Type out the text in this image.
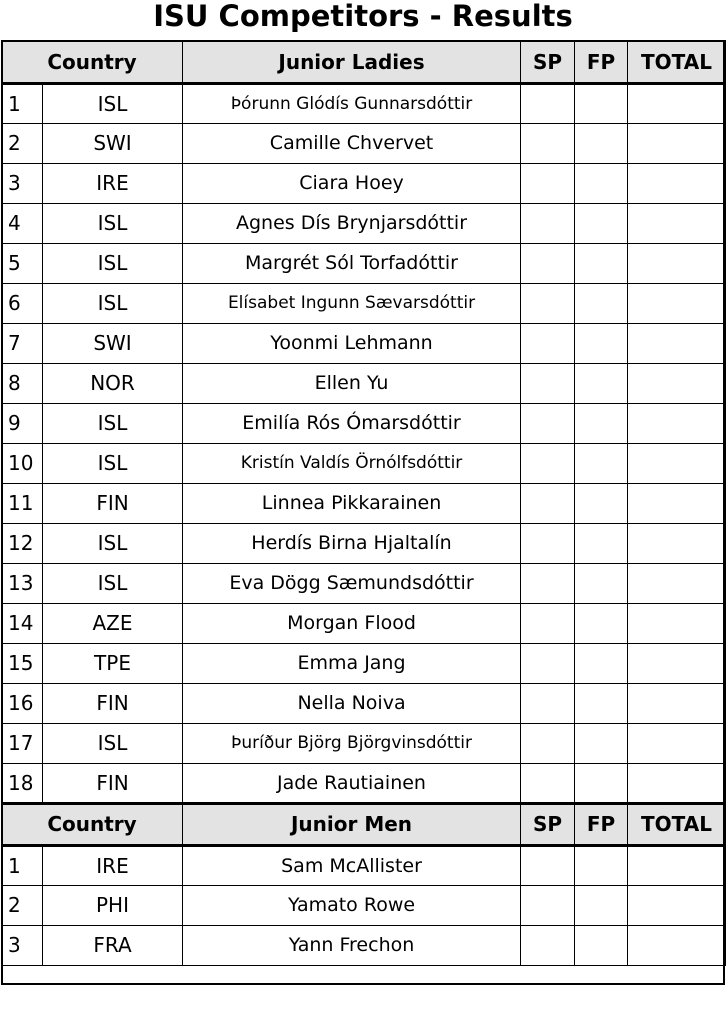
ISU Competitors - Results
Country		Junior Ladies	SP	FP	TOTAL
1	ISL	Þórunn Glódís Gunnarsdóttir			
2	SWI	Camille Chvervet			
3	IRE	Ciara Hoey			
4	ISL	Agnes Dís Brynjarsdóttir			
5	ISL	Margrét Sól Torfadóttir			
6	ISL	Elísabet Ingunn Sævarsdóttir			
7	SWI	Yoonmi Lehmann			
8	NOR	Ellen Yu			
9	ISL	Emilía Rós Ómarsdóttir			
10	ISL	Kristín Valdís Örnólfsdóttir			
11	FIN	Linnea Pikkarainen			
12	ISL	Herdís Birna Hjaltalín			
13	ISL	Eva Dögg Sæmundsdóttir			
14	AZE	Morgan Flood			
15	TPE	Emma Jang			
16	FIN	Nella Noiva			
17	ISL	Þuríður Björg Björgvinsdóttir			
18	FIN	Jade Rautiainen			
Country		Junior Men	SP	FP	TOTAL
1	IRE	Sam McAllister			
2	PHI	Yamato Rowe			
3	FRA	Yann Frechon			
